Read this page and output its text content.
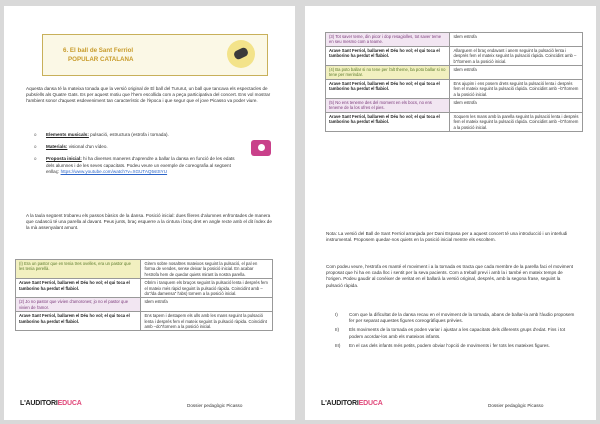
6. El ball de Sant Ferriol
POPULAR CATALANA

Aquesta dansa té la mateixa tonada que la versió original de El ball del Tururut, un ball que tancava els espectacles de pubs/ells als Quatre Gats. Es per aquest motiu que l'hem escollida com a peça participativa del concert. Ens vol mostrar l'ambient sonor d'aquest esdeveniment tan característic de l'època i que segur que el jove Picasso va poder viure.

o Elements musicals: pulsació, estructura (estrofa i tornada).
o Materials: visional d'un vídeo.
o Proposta inicial: hi ha diverses maneres d'aprendre a ballar la dansa en funció de les edats dels alumnes i de les seves capacitats. Podeu veure un exemple de coreografia al següent enllaç: https://www.youtube.com/watch?v=XGUTAQ5stSYU

A la taula següent trobareu els passos bàsics de la dansa. Posició inicial: dues fileres d'alumnes enfrontades de manera que cadascú té una parella al davant. Peus junts, braç esquerre a la cintura i braç dret en angle recte amb el dit índex de la mà assenyalant amunt.

(I) Era un pastor que en tenia tres ovelles, era un pastor que les tenia perellà.	Girem sobre nosaltres mateixos seguint la pulsació, el pal en forma de vendes, sense deixar la posició inicial. En acabar l'estrofa hem de quedar quiets mirant la nostra parella.
Arave Sant Ferriol, ballarem el Déu ho vol; el qui toca el tamborino ha perdut el flabiol.	Obrim i tanquem els braços seguint la pulsació lenta i després fem el mateix més ràpid seguint la pulsació ràpida. Coincidint amb –do"/da damensa" l'abs) tornem a la posició inicial.
(2) Jo no pastor que vivien d'amorones; jo no el pastor que vivien de l'amor.	Idem estrofa
Arave Sant Ferriol, ballarem el Déu ho vol; el qui toca el tamborino ha perdut el flabiol.	Ens tapem i destapem els ulls amb les mans seguint la pulsació lenta i després fem el mateix seguint la pulsació ràpida. Coincidint amb –do"/tornem a la posició inicial.
L'AUDITORIEDUCA	Dossier pedagògic Picasso
(3) Tot saver teme, din picor i dop resagiolles, tot saver teme en seu mesmo com a teame.	Idem estrofa
Arave Sant Ferriol, ballarem el Déu ho vol; el qui toca el tamborino ha perdut el flabiol.	Allarguem el braç endavant i anem seguint la pulsació lenta i després fem el mateix seguint la pulsació ràpida. Coincidint amb –b"/tornem a la posició inicial.
(4) Ba poto ballar si no tene per l'alt theme, ba poto ballar si no tene per merindar.	Idem estrofa
Arave Sant Ferriol, ballarem el Déu ho vol; el qui toca el tamborino ha perdut el flabiol.	Ens ajupim i ens posem drets seguint la pulsació lenta i després fem el mateix seguint la pulsació ràpida. Coincidint amb –b"/tornem a la posició inicial.
(5) No ens teneme des del moment en els bocs, no ens teneme de la los ofres el pies.	Idem estrofa
Arave Sant Ferriol, ballarem el Déu ho vol; el qui toca el tamborino ha perdut el flabiol.	Xoquem les mans amb la parella seguint la pulsació lenta i després fem el mateix seguint la pulsació ràpida. Coincidint amb –b"/tornem a la posició inicial.

Nota: La versió del Ball de Sant Ferriol arranjada per Dani Espasa per a aquest concert té una introducció i un interludi instrumental. Proposem quedar-nos quiets en la posició inicial mentre els escoltem.

Com podeu veure, l'estrofa es manté el moviment i a la tornada es tracta que cada membre de la parella faci el moviment proposat que hi ha en cada lloc i sentit per la seva pacients. Com a treball previ i amb la i també en mateix temps de l'origen. Podeu gaudir al conèixer de veritat en el ballarà la versió original, després, amb la segona frase, seguint la pulsació ràpida.

I) Com que la dificultat de la dansa recau en el moviment de la tornada, abans de ballar-la amb l'àudio proposem fer per separat aquestes figures coreogràfiques prèvies.
II) Els moviments de la tornada es poden variar i ajustar a les capacitats dels diferents grups d'edat. Fins i tot podem acordar-los amb els mateixos infants.
III) En el cas dels infants més petits, podem obviar l'opció de moviments i fer tots les mateixes figures.
L'AUDITORIEDUCA	Dossier pedagògic Picasso
